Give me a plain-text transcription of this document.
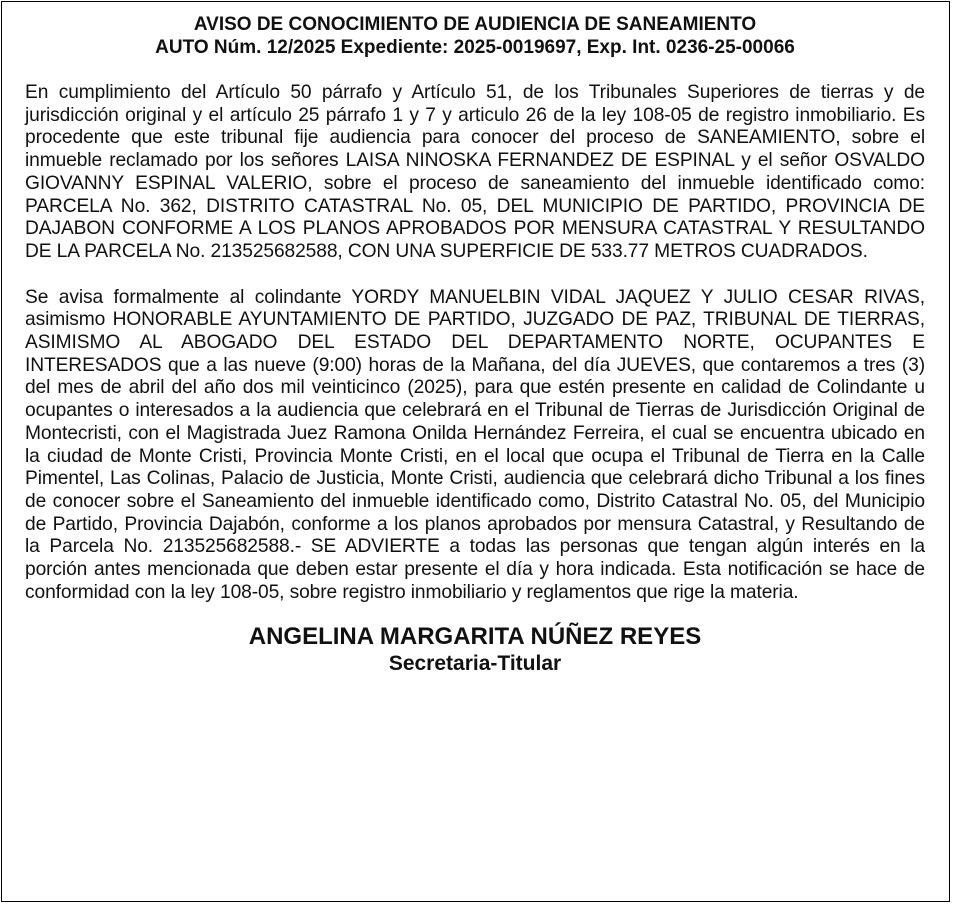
AVISO DE CONOCIMIENTO DE AUDIENCIA DE SANEAMIENTO
AUTO Núm. 12/2025 Expediente: 2025-0019697, Exp. Int. 0236-25-00066

En cumplimiento del Artículo 50 párrafo y Artículo 51, de los Tribunales Superiores de tierras y de jurisdicción original y el artículo 25 párrafo 1 y 7 y articulo 26 de la ley 108-05 de registro inmobiliario. Es procedente que este tribunal fije audiencia para conocer del proceso de SANEAMIENTO, sobre el inmueble reclamado por los señores LAISA NINOSKA FERNANDEZ DE ESPINAL y el señor OSVALDO GIOVANNY ESPINAL VALERIO, sobre el proceso de saneamiento del inmueble identificado como: PARCELA No. 362, DISTRITO CATASTRAL No. 05, DEL MUNICIPIO DE PARTIDO, PROVINCIA DE DAJABON CONFORME A LOS PLANOS APROBADOS POR MENSURA CATASTRAL Y RESULTANDO DE LA PARCELA No. 213525682588, CON UNA SUPERFICIE DE 533.77 METROS CUADRADOS.

Se avisa formalmente al colindante YORDY MANUELBIN VIDAL JAQUEZ Y JULIO CESAR RIVAS, asimismo HONORABLE AYUNTAMIENTO DE PARTIDO, JUZGADO DE PAZ, TRIBUNAL DE TIERRAS, ASIMISMO AL ABOGADO DEL ESTADO DEL DEPARTAMENTO NORTE, OCUPANTES E INTERESADOS que a las nueve (9:00) horas de la Mañana, del día JUEVES, que contaremos a tres (3) del mes de abril del año dos mil veinticinco (2025), para que estén presente en calidad de Colindante u ocupantes o interesados a la audiencia que celebrará en el Tribunal de Tierras de Jurisdicción Original de Montecristi, con el Magistrada Juez Ramona Onilda Hernández Ferreira, el cual se encuentra ubicado en la ciudad de Monte Cristi, Provincia Monte Cristi, en el local que ocupa el Tribunal de Tierra en la Calle Pimentel, Las Colinas, Palacio de Justicia, Monte Cristi, audiencia que celebrará dicho Tribunal a los fines de conocer sobre el Saneamiento del inmueble identificado como, Distrito Catastral No. 05, del Municipio de Partido, Provincia Dajabón, conforme a los planos aprobados por mensura Catastral, y Resultando de la Parcela No. 213525682588.- SE ADVIERTE a todas las personas que tengan algún interés en la porción antes mencionada que deben estar presente el día y hora indicada. Esta notificación se hace de conformidad con la ley 108-05, sobre registro inmobiliario y reglamentos que rige la materia.

ANGELINA MARGARITA NÚÑEZ REYES
Secretaria-Titular
